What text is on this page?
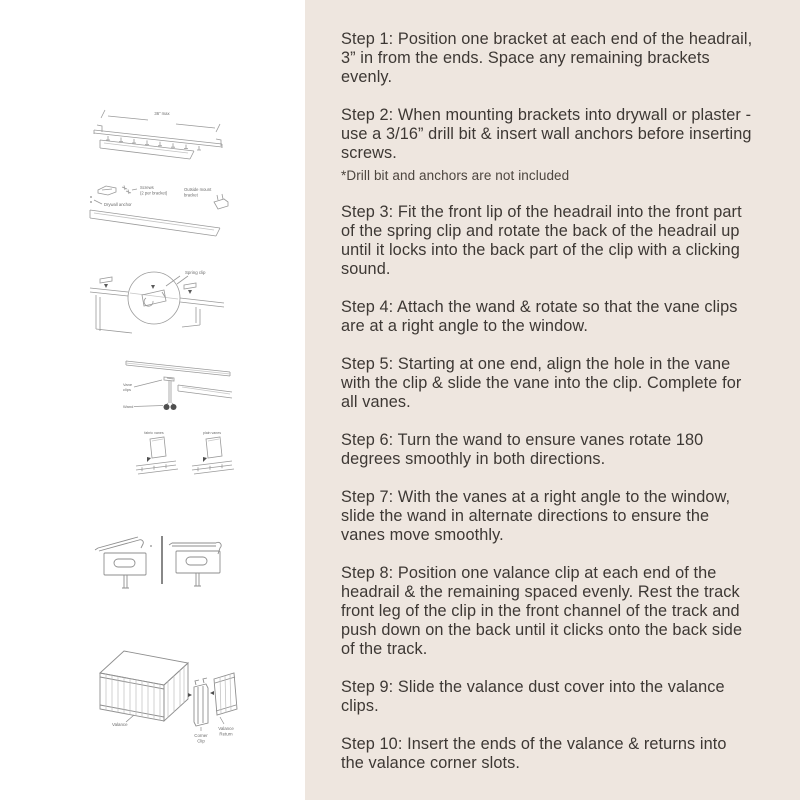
36” max
Screws
(2 per bracket)
Outside mount
bracket
Drywall anchor
Spring clip
Vane
clips
Wand
fabric vanes	plain vanes
Valance
Corner
Clip
Valance
Return

Step 1: Position one bracket at each end of the headrail, 3” in from the ends. Space any remaining brackets evenly.

Step 2: When mounting brackets into drywall or plaster - use a 3/16” drill bit & insert wall anchors before inserting screws.

*Drill bit and anchors are not included

Step 3: Fit the front lip of the headrail into the front part of the spring clip and rotate the back of the headrail up until it locks into the back part of the clip with a clicking sound.

Step 4: Attach the wand & rotate so that the vane clips are at a right angle to the window.

Step 5: Starting at one end, align the hole in the vane with the clip & slide the vane into the clip. Complete for all vanes.

Step 6: Turn the wand to ensure vanes rotate 180 degrees smoothly in both directions.

Step 7: With the vanes at a right angle to the window, slide the wand in alternate directions to ensure the vanes move smoothly.

Step 8: Position one valance clip at each end of the headrail & the remaining spaced evenly. Rest the track front leg of the clip in the front channel of the track and push down on the back until it clicks onto the back side of the track.

Step 9: Slide the valance dust cover into the valance clips.

Step 10: Insert the ends of the valance & returns into the valance corner slots.
